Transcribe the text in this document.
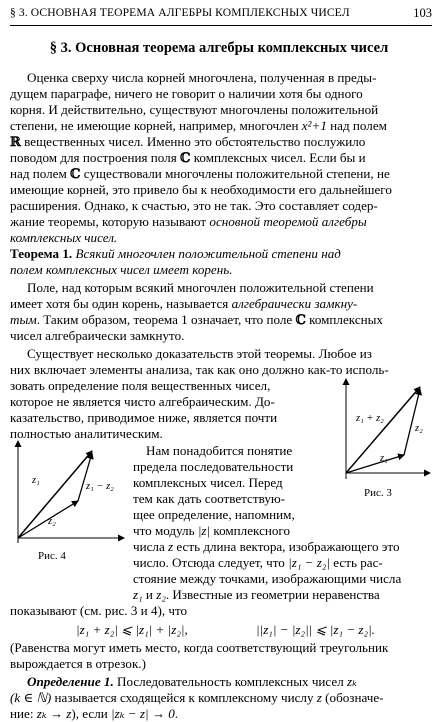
§ 3. ОСНОВНАЯ ТЕОРЕМА АЛГЕБРЫ КОМПЛЕКСНЫХ ЧИСЕЛ	103
§ 3. Основная теорема алгебры комплексных чисел
Оценка сверху числа корней многочлена, полученная в преды-
дущем параграфе, ничего не говорит о наличии хотя бы одного
корня. И действительно, существуют многочлены положительной
степени, не имеющие корней, например, многочлен x²+1 над полем
ℝ вещественных чисел. Именно это обстоятельство послужило
поводом для построения поля ℂ комплексных чисел. Если бы и
над полем ℂ существовали многочлены положительной степени, не
имеющие корней, это привело бы к необходимости его дальнейшего
расширения. Однако, к счастью, это не так. Это составляет содер-
жание теоремы, которую называют основной теоремой алгебры
комплексных чисел.
Теорема 1. Всякий многочлен положительной степени над
полем комплексных чисел имеет корень.
Поле, над которым всякий многочлен положительной степени
имеет хотя бы один корень, называется алгебраически замкну-
тым. Таким образом, теорема 1 означает, что поле ℂ комплексных
чисел алгебраически замкнуто.
Существует несколько доказательств этой теоремы. Любое из
них включает элементы анализа, так как оно должно как-то исполь-
зовать определение поля вещественных чисел,
которое не является чисто алгебраическим. До-
казательство, приводимое ниже, является почти
полностью аналитическим.
z₁ + z₂
z₁
z₂
Рис. 3
z₁
z₁ − z₂
z₂
Рис. 4
Нам понадобится понятие
предела последовательности
комплексных чисел. Перед
тем как дать соответствую-
щее определение, напомним,
что модуль |z| комплексного
числа z есть длина вектора, изображающего это
число. Отсюда следует, что |z₁ − z₂| есть рас-
стояние между точками, изображающими числа
z₁ и z₂. Известные из геометрии неравенства
показывают (см. рис. 3 и 4), что
|z₁ + z₂| ⩽ |z₁| + |z₂|,	||z₁| − |z₂|| ⩽ |z₁ − z₂|.
(Равенства могут иметь место, когда соответствующий треугольник
вырождается в отрезок.)
Определение 1. Последовательность комплексных чисел zₖ
(k ∈ ℕ) называется сходящейся к комплексному числу z (обозначе-
ние: zₖ → z), если |zₖ − z| → 0.
